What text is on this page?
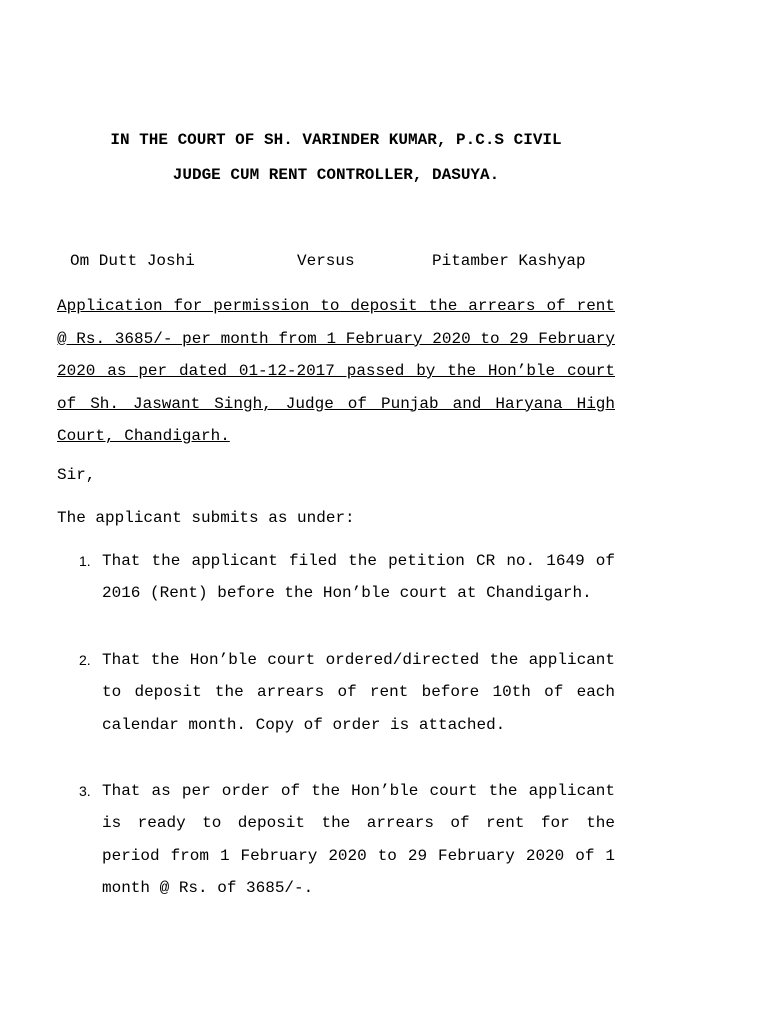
IN THE COURT OF SH. VARINDER KUMAR, P.C.S CIVIL
JUDGE CUM RENT CONTROLLER, DASUYA.
Om Dutt Joshi	Versus	Pitamber Kashyap

Application for permission to deposit the arrears of rent @ Rs. 3685/- per month from 1 February 2020 to 29 February 2020 as per dated 01-12-2017 passed by the Hon’ble court of Sh. Jaswant Singh, Judge of Punjab and Haryana High Court, Chandigarh.

Sir,

The applicant submits as under:

1. That the applicant filed the petition CR no. 1649 of 2016 (Rent) before the Hon’ble court at Chandigarh.
2. That the Hon’ble court ordered/directed the applicant to deposit the arrears of rent before 10th of each calendar month. Copy of order is attached.
3. That as per order of the Hon’ble court the applicant is ready to deposit the arrears of rent for the period from 1 February 2020 to 29 February 2020 of 1 month @ Rs. of 3685/-.
